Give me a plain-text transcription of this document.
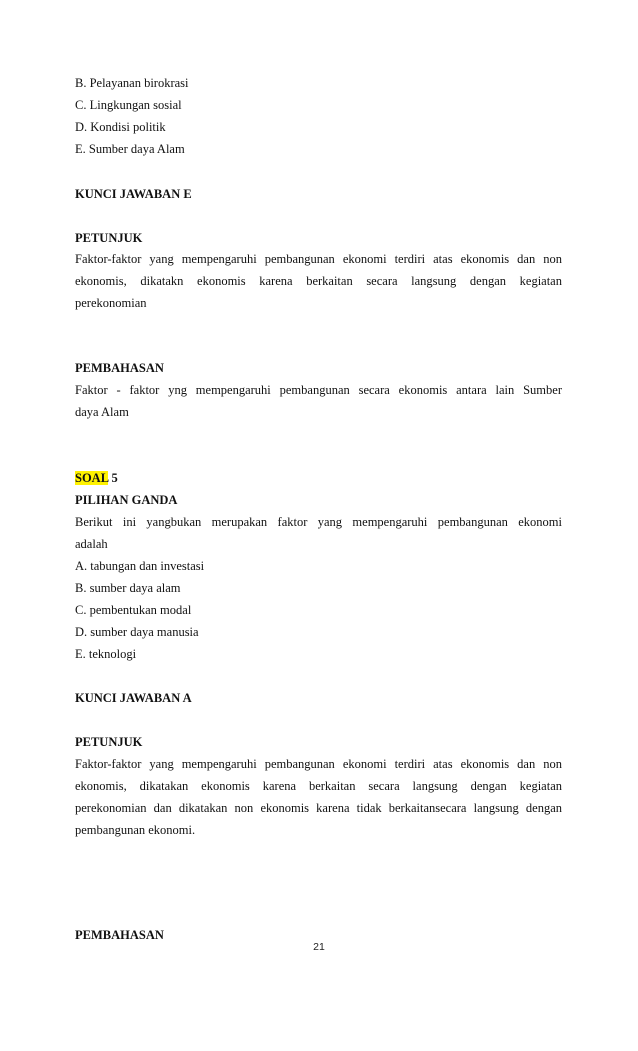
B. Pelayanan birokrasi
C. Lingkungan sosial
D. Kondisi politik
E. Sumber daya Alam
KUNCI JAWABAN E
PETUNJUK
Faktor-faktor yang mempengaruhi pembangunan ekonomi terdiri atas ekonomis dan non
ekonomis, dikatakn ekonomis karena berkaitan secara langsung dengan kegiatan
perekonomian
PEMBAHASAN
Faktor - faktor yng mempengaruhi pembangunan secara ekonomis antara lain Sumber
daya Alam
SOAL 5
PILIHAN GANDA
Berikut ini yangbukan merupakan faktor yang mempengaruhi pembangunan ekonomi
adalah
A. tabungan dan investasi
B. sumber daya alam
C. pembentukan modal
D. sumber daya manusia
E. teknologi
KUNCI JAWABAN A
PETUNJUK
Faktor-faktor yang mempengaruhi pembangunan ekonomi terdiri atas ekonomis dan non
ekonomis, dikatakan ekonomis karena berkaitan secara langsung dengan kegiatan
perekonomian dan dikatakan non ekonomis karena tidak berkaitansecara langsung dengan
pembangunan ekonomi.
PEMBAHASAN
21
